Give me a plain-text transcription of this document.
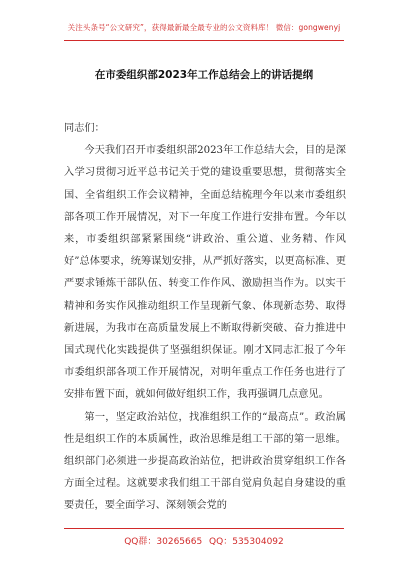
关注头条号“公文研究”，获得最新最全最专业的公文资料库！ 微信：gongwenyj
在市委组织部2023年工作总结会上的讲话提纲

同志们：

今天我们召开市委组织部2023年工作总结大会，目的是深入学习贯彻习近平总书记关于党的建设重要思想，贯彻落实全国、全省组织工作会议精神，全面总结梳理今年以来市委组织部各项工作开展情况，对下一年度工作进行安排布置。今年以来，市委组织部紧紧围绕“讲政治、重公道、业务精、作风好”总体要求，统筹谋划安排，从严抓好落实，以更高标准、更严要求锤炼干部队伍、转变工作作风、激励担当作为。以实干精神和务实作风推动组织工作呈现新气象、体现新态势、取得新进展，为我市在高质量发展上不断取得新突破、奋力推进中国式现代化实践提供了坚强组织保证。刚才X同志汇报了今年市委组织部各项工作开展情况，对明年重点工作任务也进行了安排布置下面，就如何做好组织工作，我再强调几点意见。

第一，坚定政治站位，找准组织工作的“最高点”。政治属性是组织工作的本质属性，政治思维是组工干部的第一思维。组织部门必须进一步提高政治站位，把讲政治贯穿组织工作各方面全过程。这就要求我们组工干部自觉肩负起自身建设的重要责任，要全面学习、深刻领会党的

QQ群：30265665 QQ：535304092
